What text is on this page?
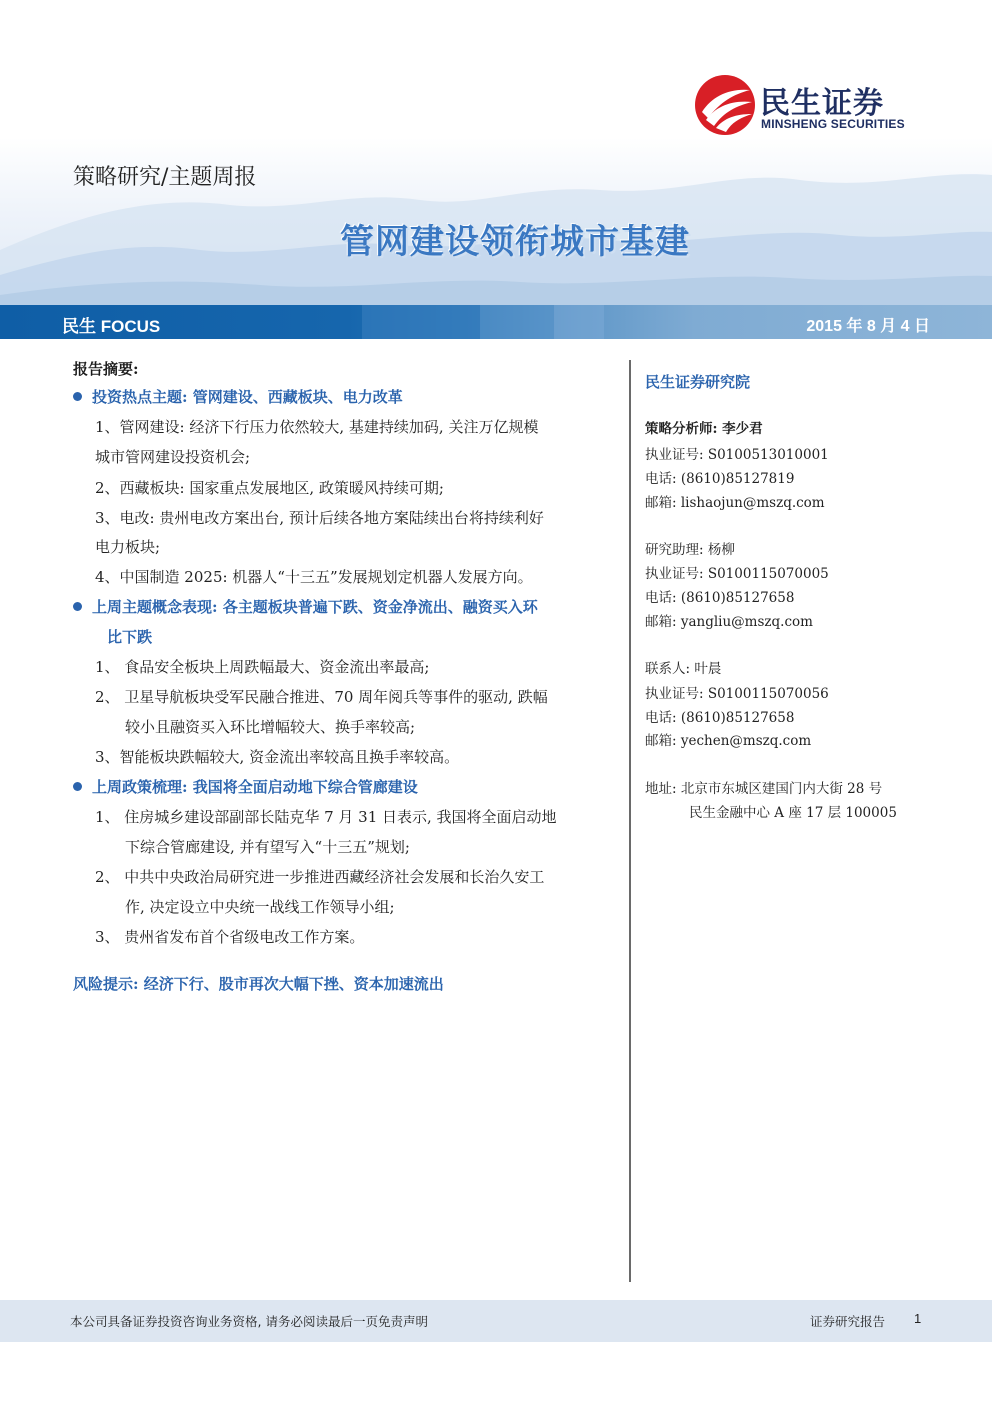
民生证券
MINSHENG SECURITIES
策略研究/主题周报
管网建设领衔城市基建
民生 FOCUS	2015 年 8 月 4 日
报告摘要:
投资热点主题: 管网建设、西藏板块、电力改革
1、管网建设: 经济下行压力依然较大, 基建持续加码, 关注万亿规模
城市管网建设投资机会;
2、西藏板块: 国家重点发展地区, 政策暖风持续可期;
3、电改: 贵州电改方案出台, 预计后续各地方案陆续出台将持续利好
电力板块;
4、中国制造 2025: 机器人“十三五”发展规划定机器人发展方向。
上周主题概念表现: 各主题板块普遍下跌、资金净流出、融资买入环
比下跌
1、 食品安全板块上周跌幅最大、资金流出率最高;
2、 卫星导航板块受军民融合推进、70 周年阅兵等事件的驱动, 跌幅
较小且融资买入环比增幅较大、换手率较高;
3、智能板块跌幅较大, 资金流出率较高且换手率较高。
上周政策梳理: 我国将全面启动地下综合管廊建设
1、 住房城乡建设部副部长陆克华 7 月 31 日表示, 我国将全面启动地
下综合管廊建设, 并有望写入“十三五”规划;
2、 中共中央政治局研究进一步推进西藏经济社会发展和长治久安工
作, 决定设立中央统一战线工作领导小组;
3、 贵州省发布首个省级电改工作方案。
风险提示: 经济下行、股市再次大幅下挫、资本加速流出
民生证券研究院
策略分析师: 李少君
执业证号: S0100513010001
电话: (8610)85127819
邮箱: lishaojun@mszq.com
研究助理: 杨柳
执业证号: S0100115070005
电话: (8610)85127658
邮箱: yangliu@mszq.com
联系人: 叶晨
执业证号: S0100115070056
电话: (8610)85127658
邮箱: yechen@mszq.com
地址: 北京市东城区建国门内大街 28 号
民生金融中心 A 座 17 层 100005
本公司具备证券投资咨询业务资格, 请务必阅读最后一页免责声明	证券研究报告 1
